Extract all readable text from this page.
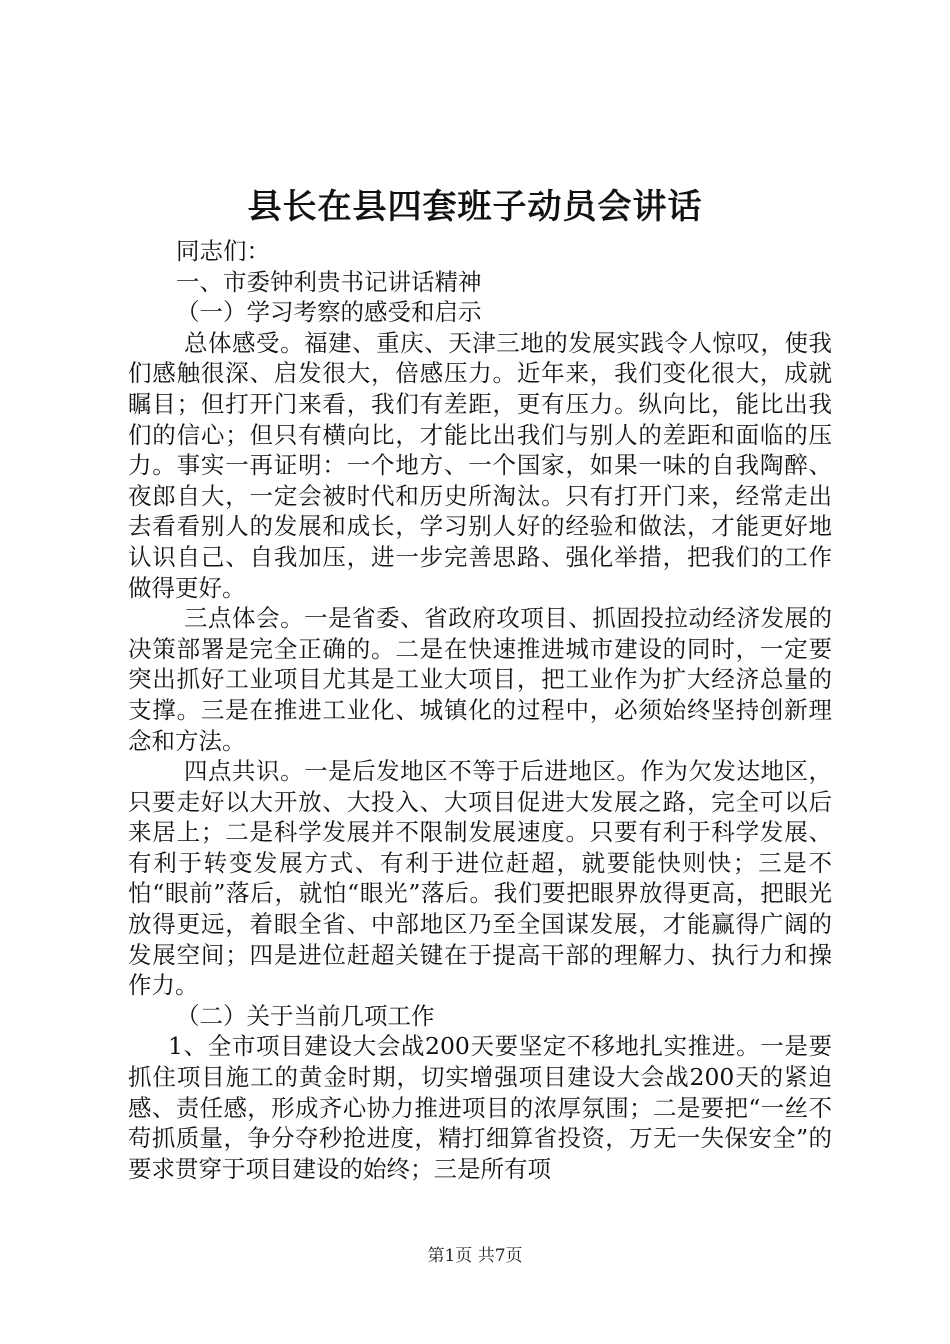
县长在县四套班子动员会讲话

同志们：

一、市委钟利贵书记讲话精神

（一）学习考察的感受和启示

总体感受。福建、重庆、天津三地的发展实践令人惊叹，使我们感触很深、启发很大，倍感压力。近年来，我们变化很大，成就瞩目；但打开门来看，我们有差距，更有压力。纵向比，能比出我们的信心；但只有横向比，才能比出我们与别人的差距和面临的压力。事实一再证明：一个地方、一个国家，如果一味的自我陶醉、夜郎自大，一定会被时代和历史所淘汰。只有打开门来，经常走出去看看别人的发展和成长，学习别人好的经验和做法，才能更好地认识自己、自我加压，进一步完善思路、强化举措，把我们的工作做得更好。

三点体会。一是省委、省政府攻项目、抓固投拉动经济发展的决策部署是完全正确的。二是在快速推进城市建设的同时，一定要突出抓好工业项目尤其是工业大项目，把工业作为扩大经济总量的支撑。三是在推进工业化、城镇化的过程中，必须始终坚持创新理念和方法。

四点共识。一是后发地区不等于后进地区。作为欠发达地区，只要走好以大开放、大投入、大项目促进大发展之路，完全可以后来居上；二是科学发展并不限制发展速度。只要有利于科学发展、有利于转变发展方式、有利于进位赶超，就要能快则快；三是不怕“眼前”落后，就怕“眼光”落后。我们要把眼界放得更高，把眼光放得更远，着眼全省、中部地区乃至全国谋发展，才能赢得广阔的发展空间；四是进位赶超关键在于提高干部的理解力、执行力和操作力。

（二）关于当前几项工作

1、全市项目建设大会战200天要坚定不移地扎实推进。一是要抓住项目施工的黄金时期，切实增强项目建设大会战200天的紧迫感、责任感，形成齐心协力推进项目的浓厚氛围；二是要把“一丝不苟抓质量，争分夺秒抢进度，精打细算省投资，万无一失保安全”的要求贯穿于项目建设的始终；三是所有项

第1页 共7页
